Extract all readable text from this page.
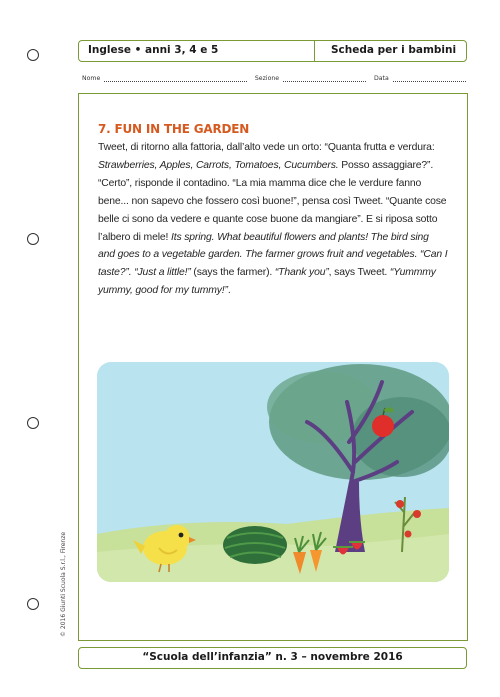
Inglese • anni 3, 4 e 5	Scheda per i bambini
Nome	Sezione	Data
7. FUN IN THE GARDEN
Tweet, di ritorno alla fattoria, dall’alto vede un orto: “Quanta frutta e verdura: Strawberries, Apples, Carrots, Tomatoes, Cucumbers. Posso assaggiare?”. “Certo”, risponde il contadino. “La mia mamma dice che le verdure fanno bene... non sapevo che fossero così buone!”, pensa così Tweet. “Quante cose belle ci sono da vedere e quante cose buone da mangiare”. E si riposa sotto l’albero di mele! Its spring. What beautiful flowers and plants! The bird sing and goes to a vegetable garden. The farmer grows fruit and vegetables. “Can I taste?”. “Just a little!” (says the farmer). “Thank you”, says Tweet. “Yummmy yummy, good for my tummy!”.
“Scuola dell’infanzia” n. 3 – novembre 2016
© 2016 Giunti Scuola S.r.l., Firenze
